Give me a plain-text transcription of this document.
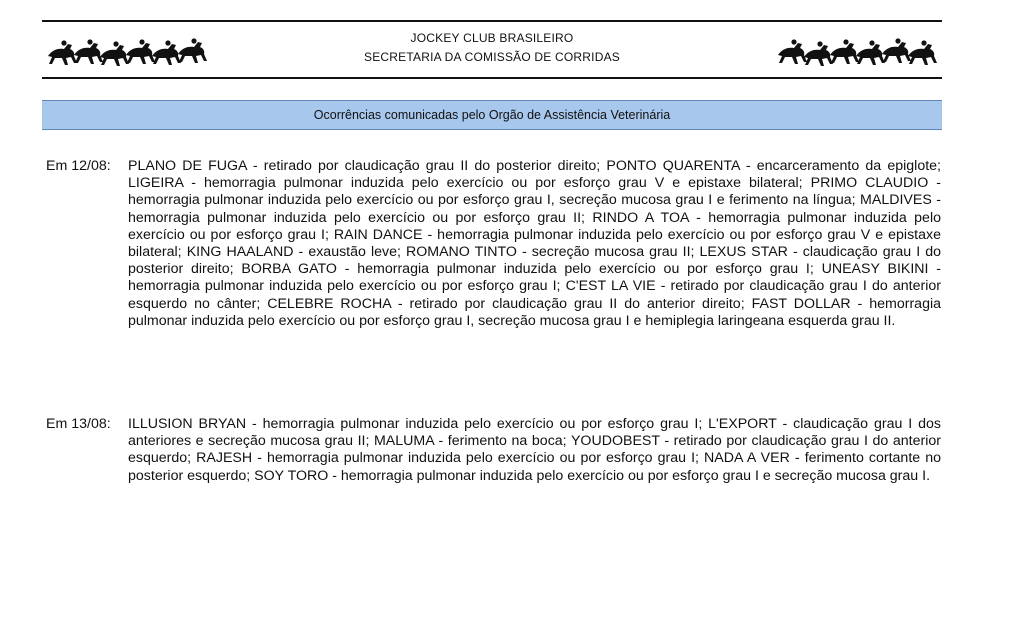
JOCKEY CLUB BRASILEIRO
SECRETARIA DA COMISSÃO DE CORRIDAS
Ocorrências comunicadas pelo Orgão de Assistência Veterinária
Em 12/08: PLANO DE FUGA - retirado por claudicação grau II do posterior direito; PONTO QUARENTA - encarceramento da epiglote; LIGEIRA - hemorragia pulmonar induzida pelo exercício ou por esforço grau V e epistaxe bilateral; PRIMO CLAUDIO - hemorragia pulmonar induzida pelo exercício ou por esforço grau I, secreção mucosa grau I e ferimento na língua; MALDIVES - hemorragia pulmonar induzida pelo exercício ou por esforço grau II; RINDO A TOA - hemorragia pulmonar induzida pelo exercício ou por esforço grau I; RAIN DANCE - hemorragia pulmonar induzida pelo exercício ou por esforço grau V e epistaxe bilateral; KING HAALAND - exaustão leve; ROMANO TINTO - secreção mucosa grau II; LEXUS STAR - claudicação grau I do posterior direito; BORBA GATO - hemorragia pulmonar induzida pelo exercício ou por esforço grau I; UNEASY BIKINI - hemorragia pulmonar induzida pelo exercício ou por esforço grau I; C'EST LA VIE - retirado por claudicação grau I do anterior esquerdo no cânter; CELEBRE ROCHA - retirado por claudicação grau II do anterior direito; FAST DOLLAR - hemorragia pulmonar induzida pelo exercício ou por esforço grau I, secreção mucosa grau I e hemiplegia laringeana esquerda grau II.
Em 13/08: ILLUSION BRYAN - hemorragia pulmonar induzida pelo exercício ou por esforço grau I; L'EXPORT - claudicação grau I dos anteriores e secreção mucosa grau II; MALUMA - ferimento na boca; YOUDOBEST - retirado por claudicação grau I do anterior esquerdo; RAJESH - hemorragia pulmonar induzida pelo exercício ou por esforço grau I; NADA A VER - ferimento cortante no posterior esquerdo; SOY TORO - hemorragia pulmonar induzida pelo exercício ou por esforço grau I e secreção mucosa grau I.
